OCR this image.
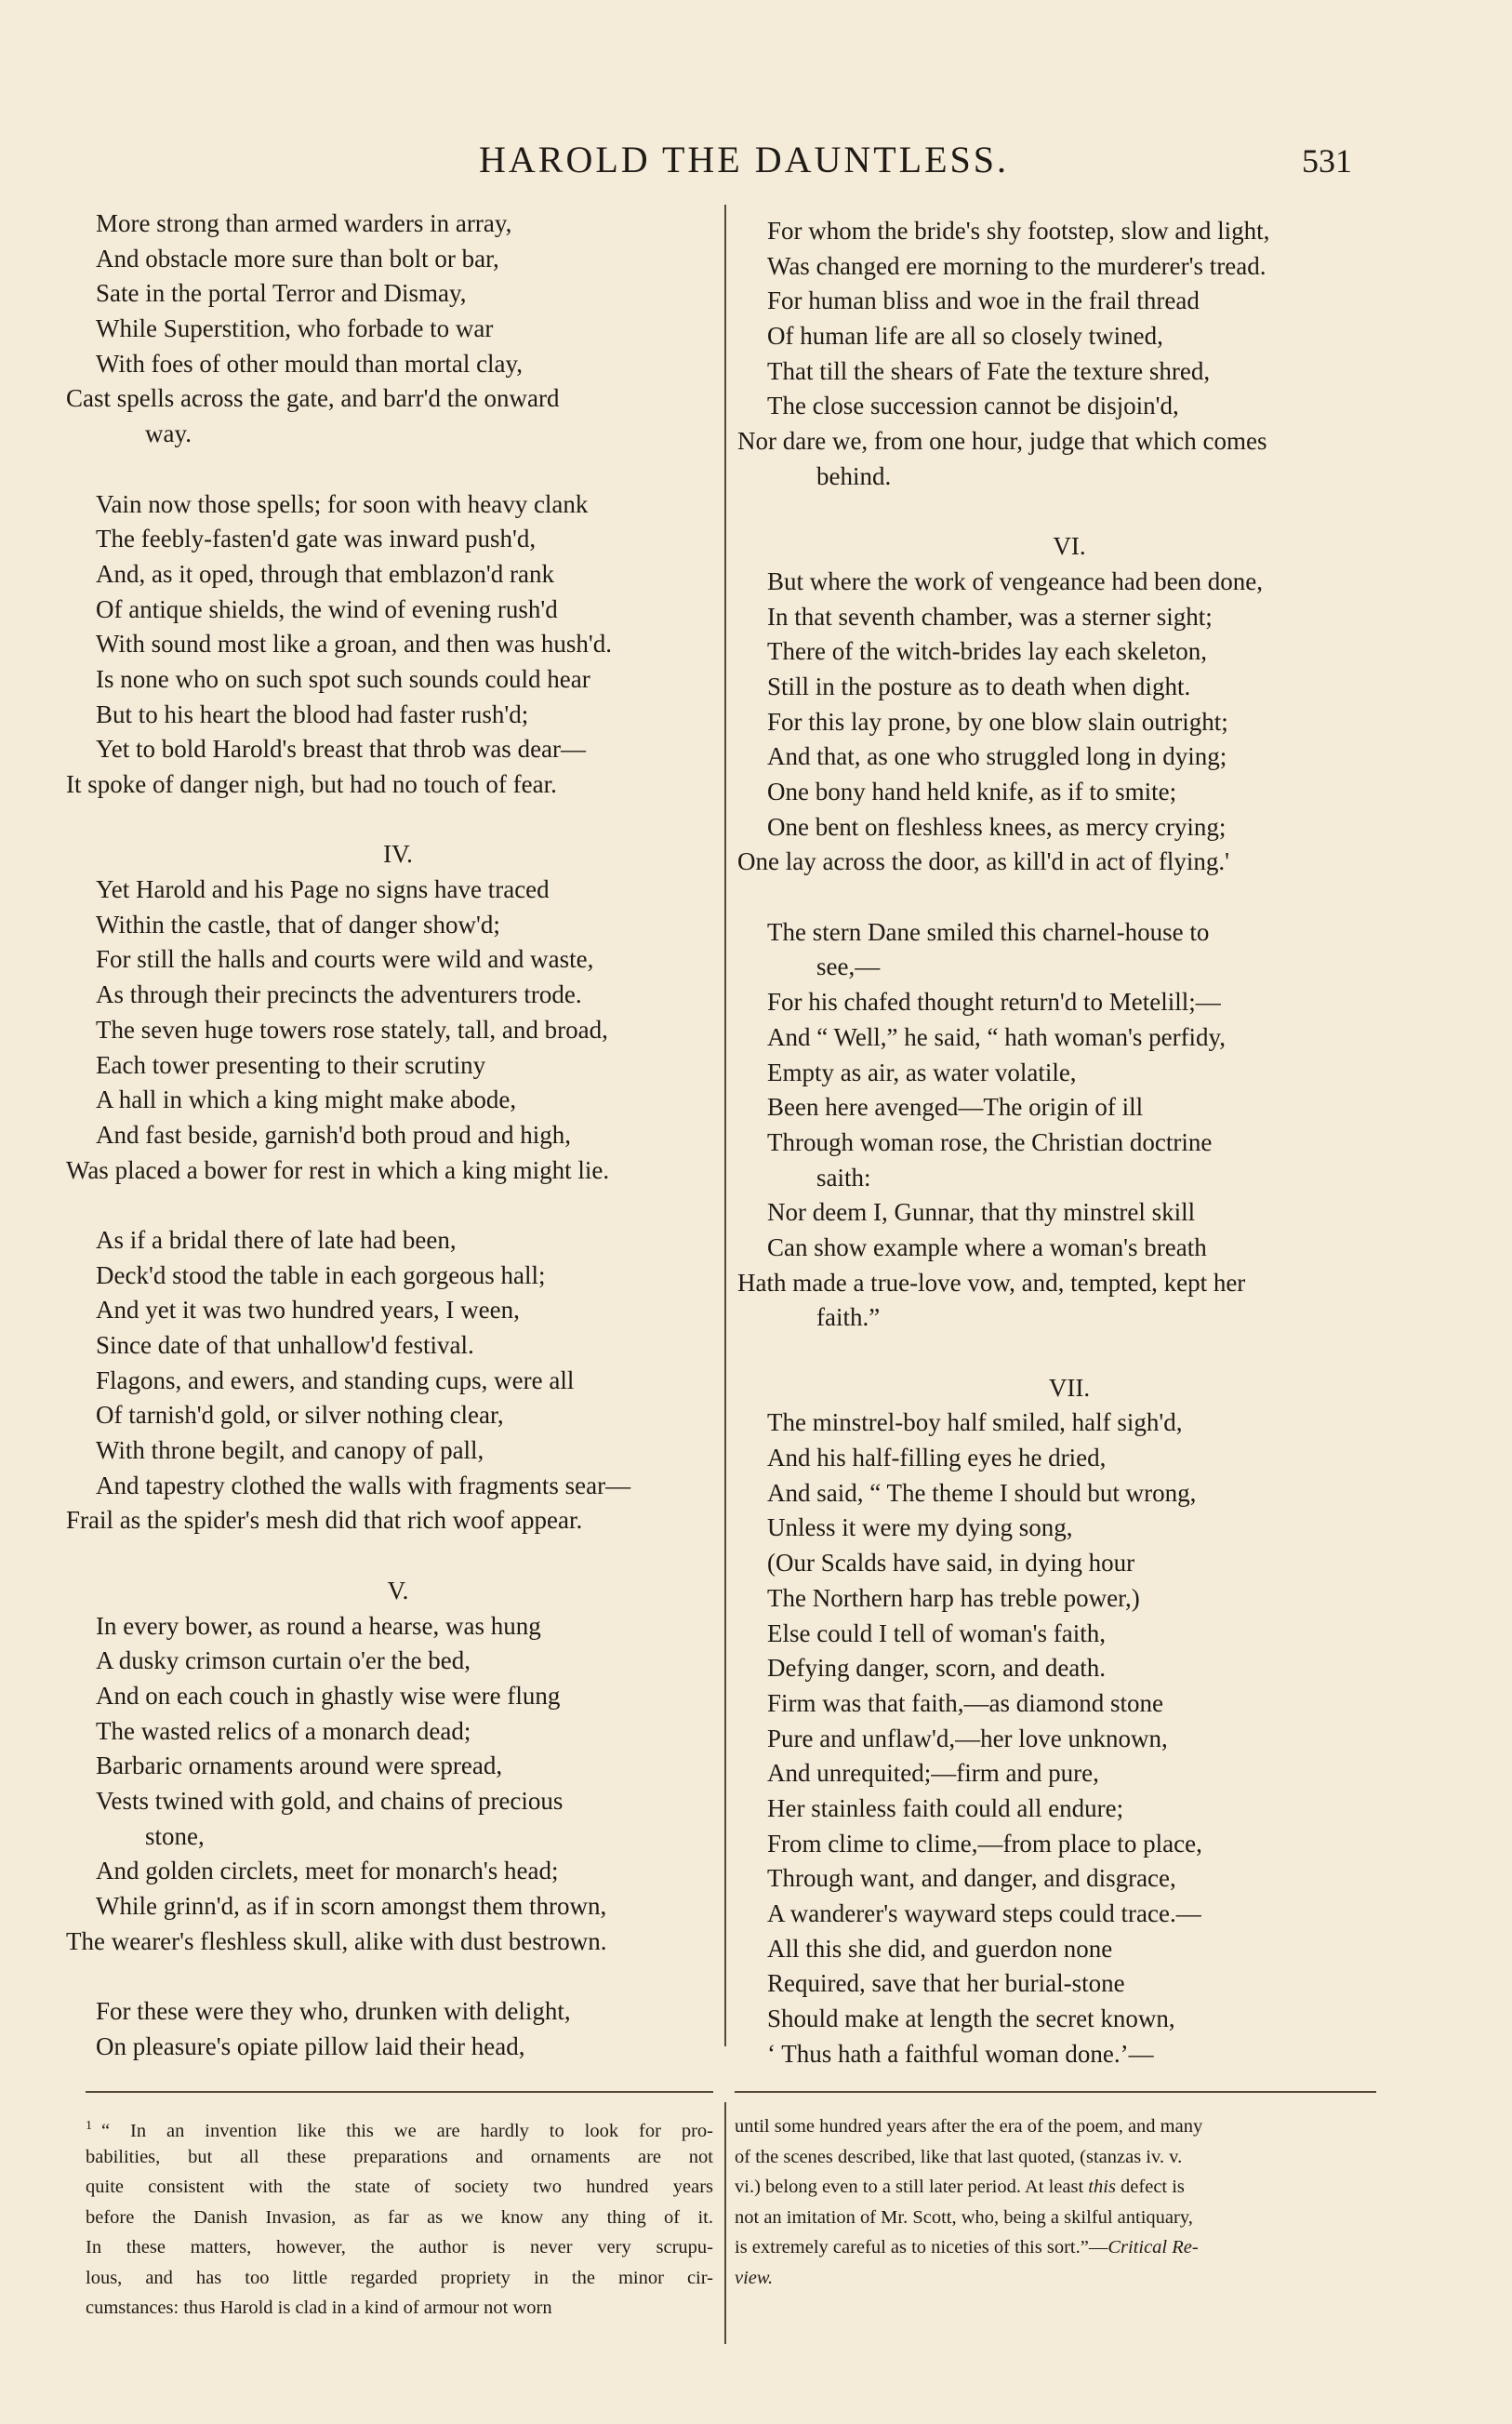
HAROLD THE DAUNTLESS.	531
More strong than armed warders in array,
And obstacle more sure than bolt or bar,
Sate in the portal Terror and Dismay,
While Superstition, who forbade to war
With foes of other mould than mortal clay,
Cast spells across the gate, and barr'd the onward
way.
Vain now those spells; for soon with heavy clank
The feebly-fasten'd gate was inward push'd,
And, as it oped, through that emblazon'd rank
Of antique shields, the wind of evening rush'd
With sound most like a groan, and then was hush'd.
Is none who on such spot such sounds could hear
But to his heart the blood had faster rush'd;
Yet to bold Harold's breast that throb was dear—
It spoke of danger nigh, but had no touch of fear.
IV.
Yet Harold and his Page no signs have traced
Within the castle, that of danger show'd;
For still the halls and courts were wild and waste,
As through their precincts the adventurers trode.
The seven huge towers rose stately, tall, and broad,
Each tower presenting to their scrutiny
A hall in which a king might make abode,
And fast beside, garnish'd both proud and high,
Was placed a bower for rest in which a king might lie.
As if a bridal there of late had been,
Deck'd stood the table in each gorgeous hall;
And yet it was two hundred years, I ween,
Since date of that unhallow'd festival.
Flagons, and ewers, and standing cups, were all
Of tarnish'd gold, or silver nothing clear,
With throne begilt, and canopy of pall,
And tapestry clothed the walls with fragments sear—
Frail as the spider's mesh did that rich woof appear.
V.
In every bower, as round a hearse, was hung
A dusky crimson curtain o'er the bed,
And on each couch in ghastly wise were flung
The wasted relics of a monarch dead;
Barbaric ornaments around were spread,
Vests twined with gold, and chains of precious
stone,
And golden circlets, meet for monarch's head;
While grinn'd, as if in scorn amongst them thrown,
The wearer's fleshless skull, alike with dust bestrown.
For these were they who, drunken with delight,
On pleasure's opiate pillow laid their head,
For whom the bride's shy footstep, slow and light,
Was changed ere morning to the murderer's tread.
For human bliss and woe in the frail thread
Of human life are all so closely twined,
That till the shears of Fate the texture shred,
The close succession cannot be disjoin'd,
Nor dare we, from one hour, judge that which comes
behind.
VI.
But where the work of vengeance had been done,
In that seventh chamber, was a sterner sight;
There of the witch-brides lay each skeleton,
Still in the posture as to death when dight.
For this lay prone, by one blow slain outright;
And that, as one who struggled long in dying;
One bony hand held knife, as if to smite;
One bent on fleshless knees, as mercy crying;
One lay across the door, as kill'd in act of flying.'
The stern Dane smiled this charnel-house to
see,—
For his chafed thought return'd to Metelill;—
And “ Well,” he said, “ hath woman's perfidy,
Empty as air, as water volatile,
Been here avenged—The origin of ill
Through woman rose, the Christian doctrine
saith:
Nor deem I, Gunnar, that thy minstrel skill
Can show example where a woman's breath
Hath made a true-love vow, and, tempted, kept her
faith.”
VII.
The minstrel-boy half smiled, half sigh'd,
And his half-filling eyes he dried,
And said, “ The theme I should but wrong,
Unless it were my dying song,
(Our Scalds have said, in dying hour
The Northern harp has treble power,)
Else could I tell of woman's faith,
Defying danger, scorn, and death.
Firm was that faith,—as diamond stone
Pure and unflaw'd,—her love unknown,
And unrequited;—firm and pure,
Her stainless faith could all endure;
From clime to clime,—from place to place,
Through want, and danger, and disgrace,
A wanderer's wayward steps could trace.—
All this she did, and guerdon none
Required, save that her burial-stone
Should make at length the secret known,
‘ Thus hath a faithful woman done.’—
$^1$ “ In an invention like this we are hardly to look for pro-
babilities, but all these preparations and ornaments are not
quite consistent with the state of society two hundred years
before the Danish Invasion, as far as we know any thing of it.
In these matters, however, the author is never very scrupu-
lous, and has too little regarded propriety in the minor cir-
cumstances: thus Harold is clad in a kind of armour not worn
until some hundred years after the era of the poem, and many
of the scenes described, like that last quoted, (stanzas iv. v.
vi.) belong even to a still later period. At least this defect is
not an imitation of Mr. Scott, who, being a skilful antiquary,
is extremely careful as to niceties of this sort.”—Critical Re-
view.
